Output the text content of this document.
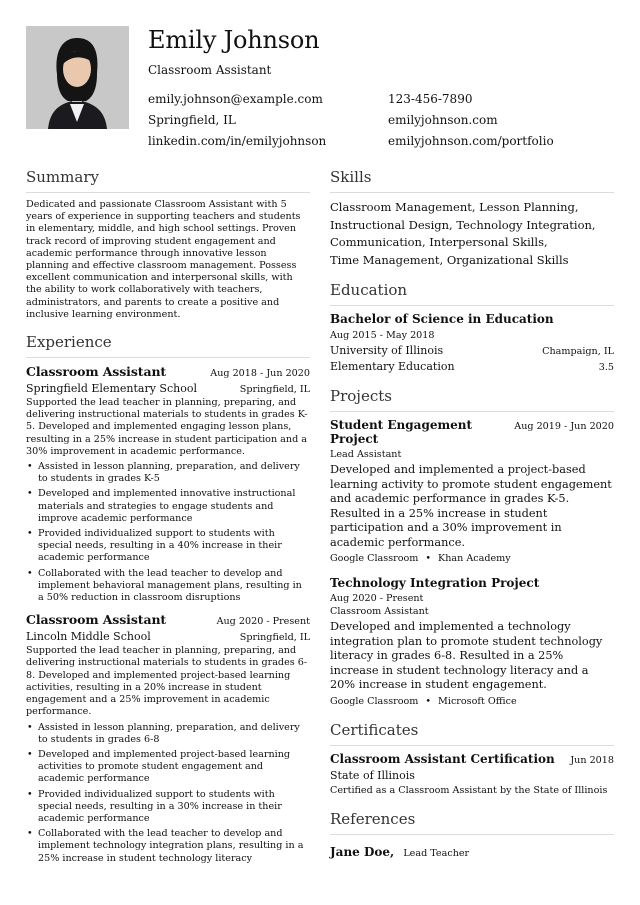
Emily Johnson
Classroom Assistant
emily.johnson@example.com	123-456-7890
Springfield, IL	emilyjohnson.com
linkedin.com/in/emilyjohnson	emilyjohnson.com/portfolio
Summary
Dedicated and passionate Classroom Assistant with 5 years of experience in supporting teachers and students in elementary, middle, and high school settings. Proven track record of improving student engagement and academic performance through innovative lesson planning and effective classroom management. Possess excellent communication and interpersonal skills, with the ability to work collaboratively with teachers, administrators, and parents to create a positive and inclusive learning environment.
Experience
Classroom Assistant	Aug 2018 - Jun 2020
Springfield Elementary School	Springfield, IL
Supported the lead teacher in planning, preparing, and delivering instructional materials to students in grades K-5. Developed and implemented engaging lesson plans, resulting in a 25% increase in student participation and a 30% improvement in academic performance.
• Assisted in lesson planning, preparation, and delivery to students in grades K-5
• Developed and implemented innovative instructional materials and strategies to engage students and improve academic performance
• Provided individualized support to students with special needs, resulting in a 40% increase in their academic performance
• Collaborated with the lead teacher to develop and implement behavioral management plans, resulting in a 50% reduction in classroom disruptions
Classroom Assistant	Aug 2020 - Present
Lincoln Middle School	Springfield, IL
Supported the lead teacher in planning, preparing, and delivering instructional materials to students in grades 6-8. Developed and implemented project-based learning activities, resulting in a 20% increase in student engagement and a 25% improvement in academic performance.
• Assisted in lesson planning, preparation, and delivery to students in grades 6-8
• Developed and implemented project-based learning activities to promote student engagement and academic performance
• Provided individualized support to students with special needs, resulting in a 30% increase in their academic performance
• Collaborated with the lead teacher to develop and implement technology integration plans, resulting in a 25% increase in student technology literacy
Skills
Classroom Management, Lesson Planning,
Instructional Design, Technology Integration,
Communication, Interpersonal Skills,
Time Management, Organizational Skills
Education
Bachelor of Science in Education
Aug 2015 - May 2018
University of Illinois	Champaign, IL
Elementary Education	3.5
Projects
Student Engagement Project
Aug 2019 - Jun 2020
Lead Assistant
Developed and implemented a project-based learning activity to promote student engagement and academic performance in grades K-5. Resulted in a 25% increase in student participation and a 30% improvement in academic performance.
Google Classroom • Khan Academy
Technology Integration Project
Aug 2020 - Present
Classroom Assistant
Developed and implemented a technology integration plan to promote student technology literacy in grades 6-8. Resulted in a 25% increase in student technology literacy and a 20% increase in student engagement.
Google Classroom • Microsoft Office
Certificates
Classroom Assistant Certification Jun 2018
State of Illinois
Certified as a Classroom Assistant by the State of Illinois
References
Jane Doe, Lead Teacher
